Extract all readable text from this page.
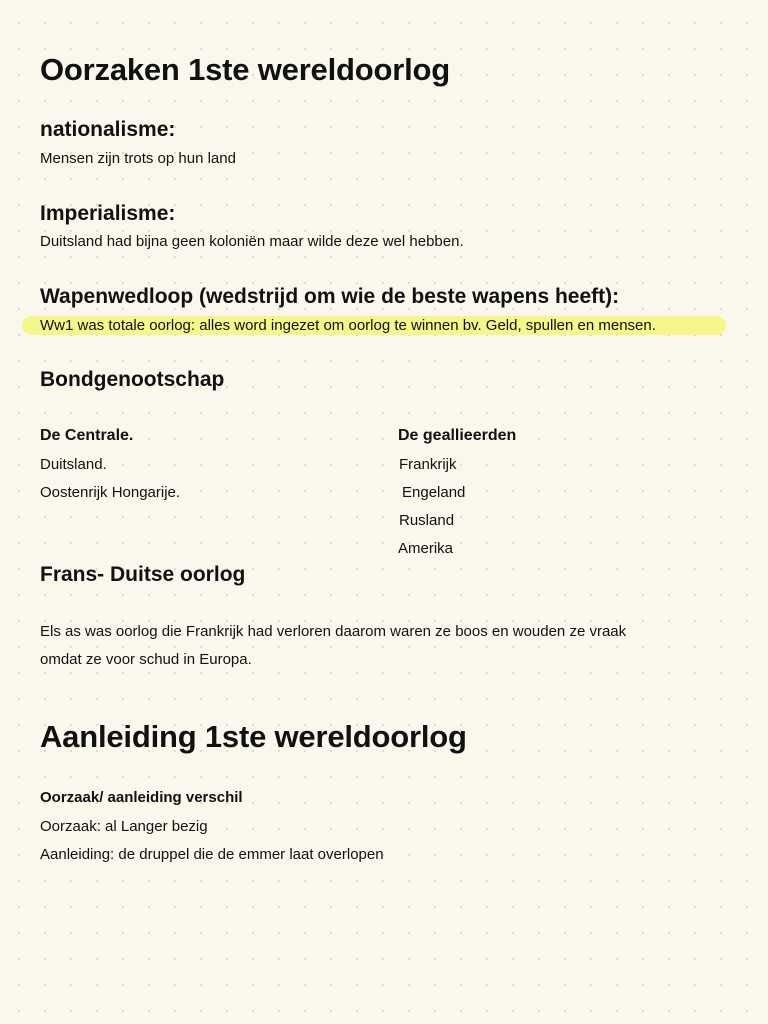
Oorzaken 1ste wereldoorlog
nationalisme:
Mensen zijn trots op hun land
Imperialisme:
Duitsland had bijna geen koloniën maar wilde deze wel hebben.
Wapenwedloop (wedstrijd om wie de beste wapens heeft):
Ww1 was totale oorlog: alles word ingezet om oorlog te winnen bv. Geld, spullen en mensen.
Bondgenootschap
De Centrale.
Duitsland.
Oostenrijk Hongarije.
De geallieerden
Frankrijk
Engeland
Rusland
Amerika
Frans- Duitse oorlog
Els as was oorlog die Frankrijk had verloren daarom waren ze boos en wouden ze vraak
omdat ze voor schud in Europa.
Aanleiding 1ste wereldoorlog
Oorzaak/ aanleiding verschil
Oorzaak: al Langer bezig
Aanleiding: de druppel die de emmer laat overlopen
